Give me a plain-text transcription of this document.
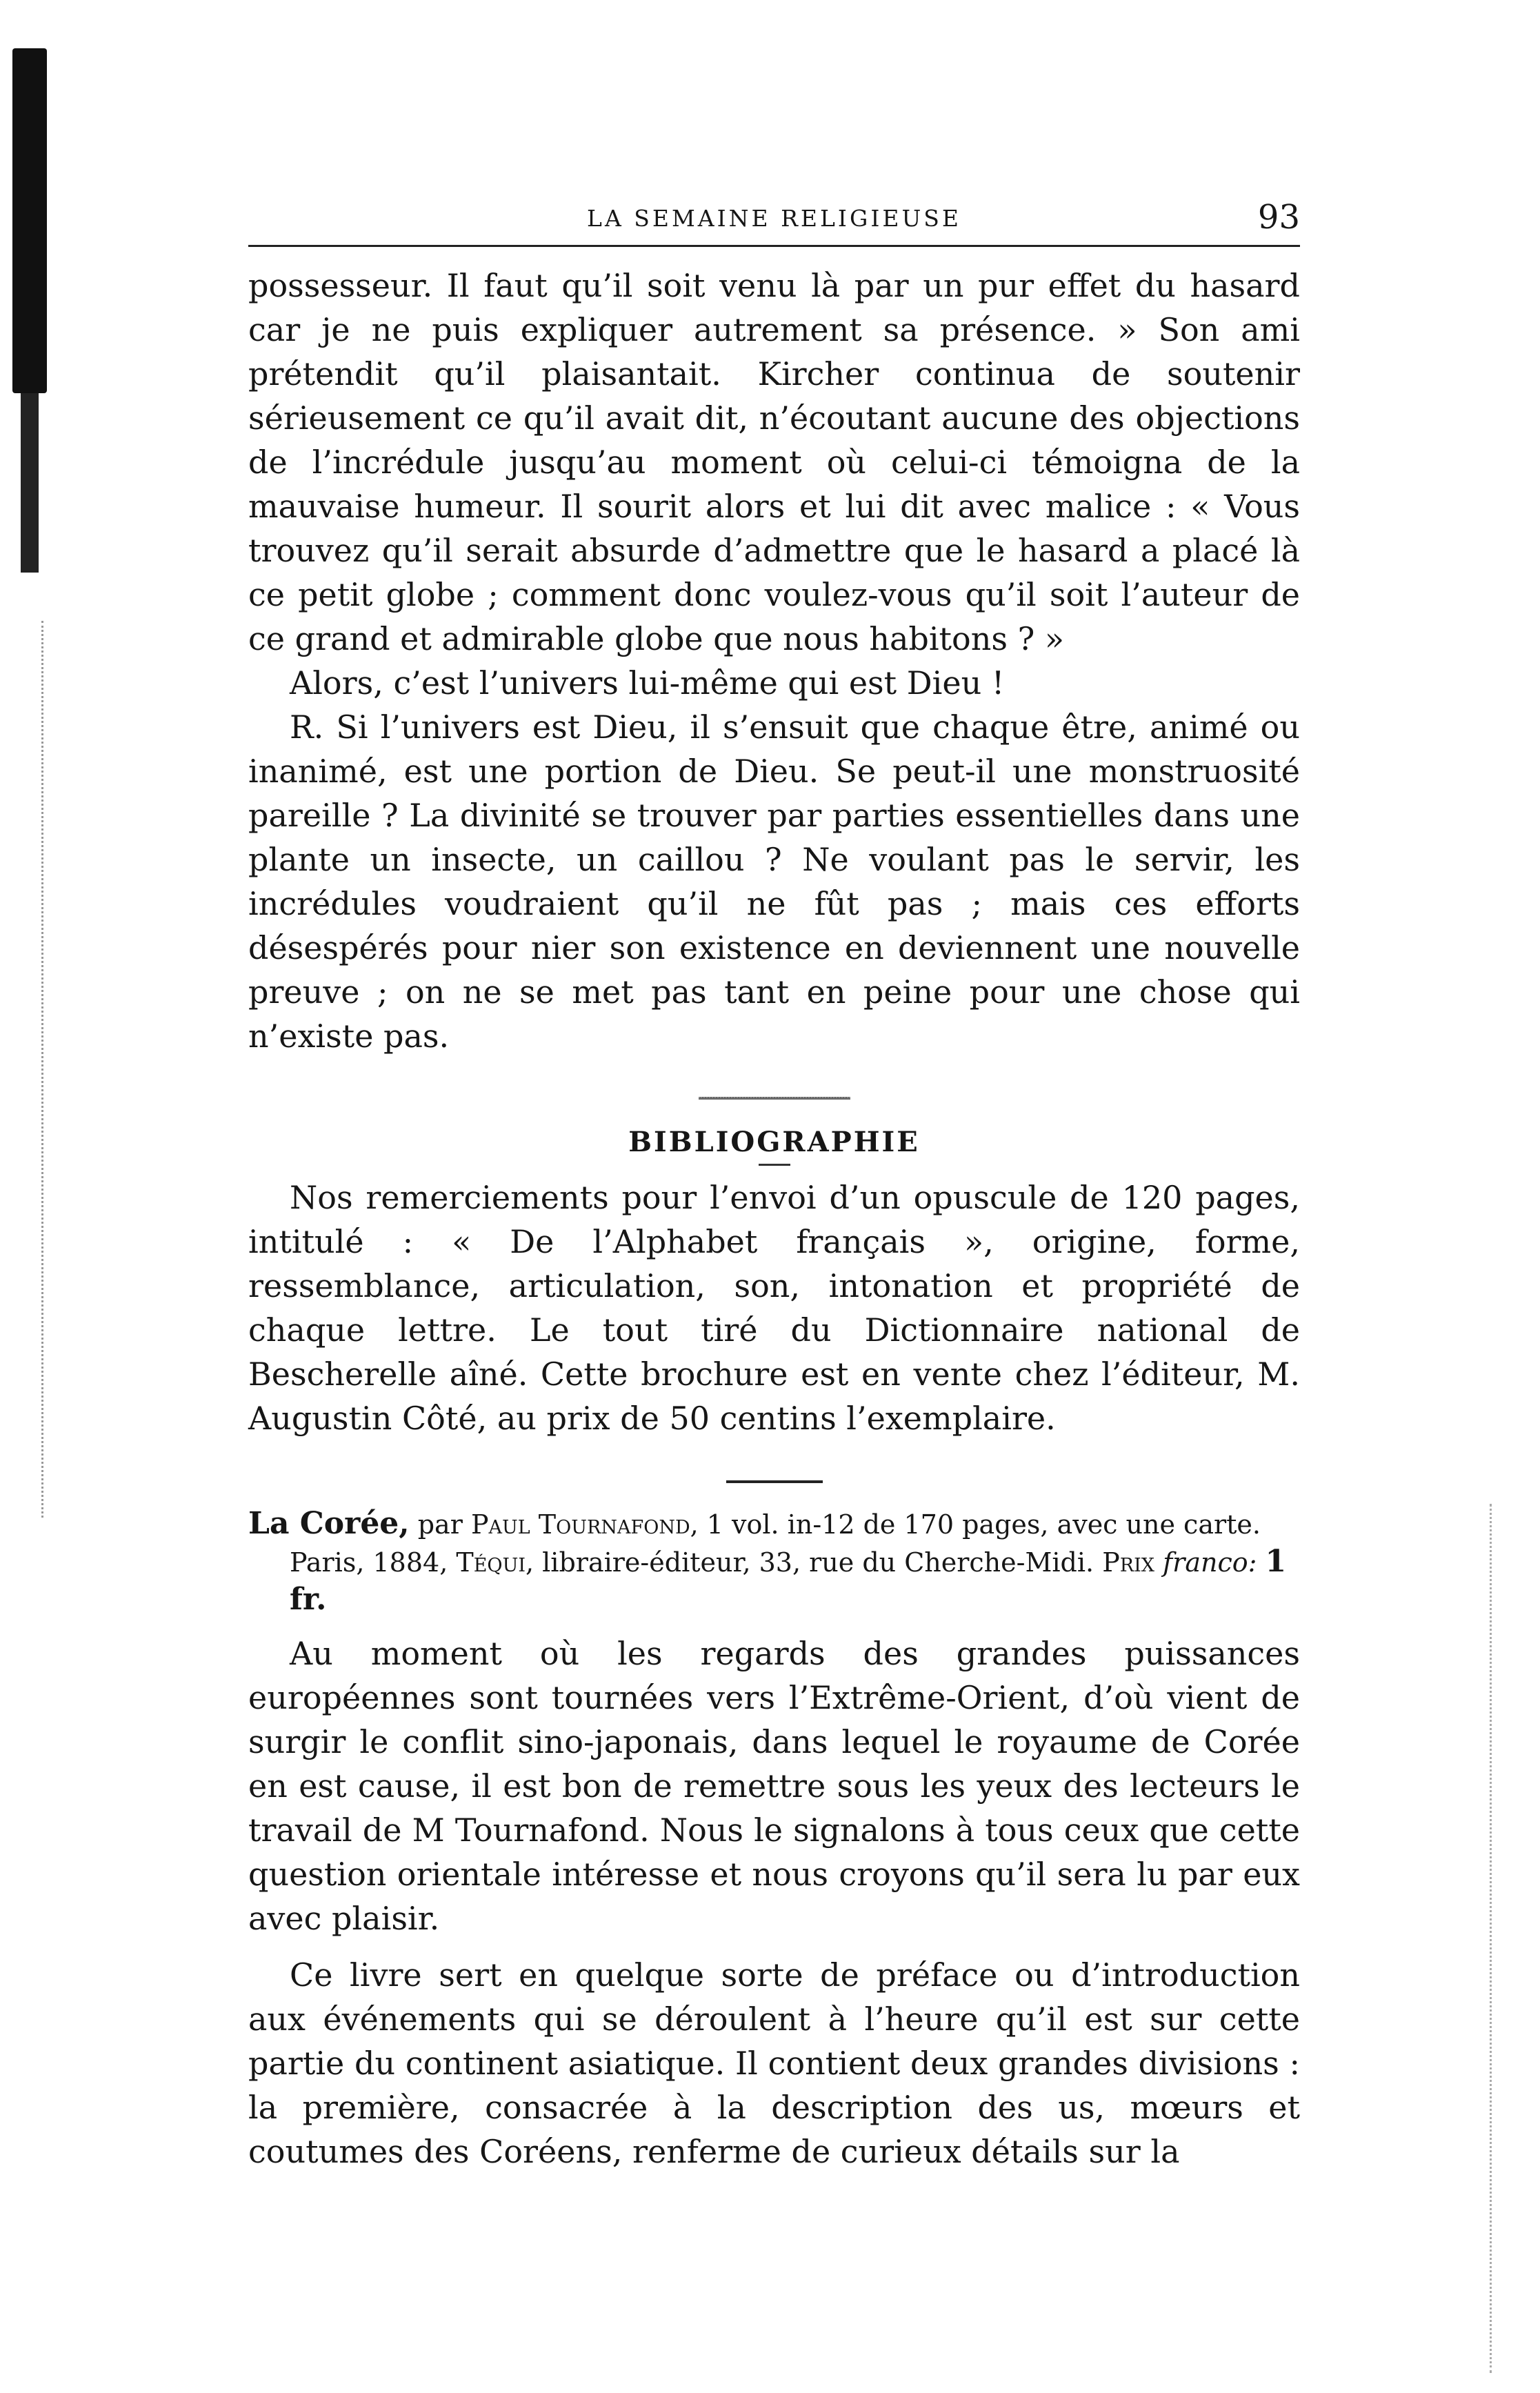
LA SEMAINE RELIGIEUSE	93

possesseur. Il faut qu’il soit venu là par un pur effet du hasard car je ne puis expliquer autrement sa présence. » Son ami prétendit qu’il plaisantait. Kircher continua de soutenir sérieusement ce qu’il avait dit, n’écoutant aucune des objections de l’incrédule jusqu’au moment où celui-ci témoigna de la mauvaise humeur. Il sourit alors et lui dit avec malice : « Vous trouvez qu’il serait absurde d’admettre que le hasard a placé là ce petit globe ; comment donc voulez-vous qu’il soit l’auteur de ce grand et admirable globe que nous habitons ? »

Alors, c’est l’univers lui-même qui est Dieu !

R. Si l’univers est Dieu, il s’ensuit que chaque être, animé ou inanimé, est une portion de Dieu. Se peut-il une monstruosité pareille ? La divinité se trouver par parties essentielles dans une plante un insecte, un caillou ? Ne voulant pas le servir, les incrédules voudraient qu’il ne fût pas ; mais ces efforts désespérés pour nier son existence en deviennent une nouvelle preuve ; on ne se met pas tant en peine pour une chose qui n’existe pas.

BIBLIOGRAPHIE

Nos remerciements pour l’envoi d’un opuscule de 120 pages, intitulé : « De l’Alphabet français », origine, forme, ressemblance, articulation, son, intonation et propriété de chaque lettre. Le tout tiré du Dictionnaire national de Bescherelle aîné. Cette brochure est en vente chez l’éditeur, M. Augustin Côté, au prix de 50 centins l’exemplaire.

La Corée, par Paul Tournafond, 1 vol. in-12 de 170 pages, avec une carte. Paris, 1884, Téqui, libraire-éditeur, 33, rue du Cherche-Midi. Prix franco: 1 fr.

Au moment où les regards des grandes puissances européennes sont tournées vers l’Extrême-Orient, d’où vient de surgir le conflit sino-japonais, dans lequel le royaume de Corée en est cause, il est bon de remettre sous les yeux des lecteurs le travail de M Tournafond. Nous le signalons à tous ceux que cette question orientale intéresse et nous croyons qu’il sera lu par eux avec plaisir.

Ce livre sert en quelque sorte de préface ou d’introduction aux événements qui se déroulent à l’heure qu’il est sur cette partie du continent asiatique. Il contient deux grandes divisions : la première, consacrée à la description des us, mœurs et coutumes des Coréens, renferme de curieux détails sur la
